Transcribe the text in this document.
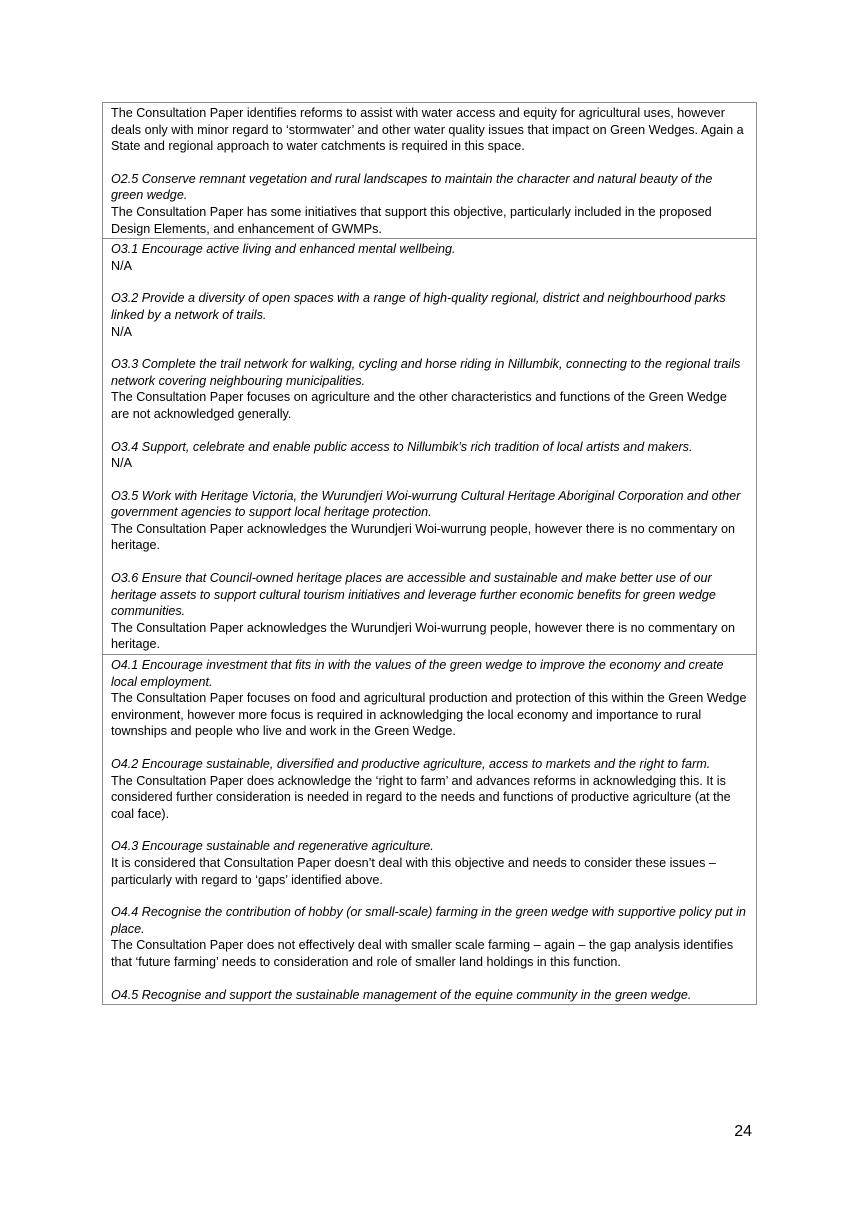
The Consultation Paper identifies reforms to assist with water access and equity for agricultural uses, however deals only with minor regard to ‘stormwater’ and other water quality issues that impact on Green Wedges. Again a State and regional approach to water catchments is required in this space.
O2.5 Conserve remnant vegetation and rural landscapes to maintain the character and natural beauty of the green wedge.
The Consultation Paper has some initiatives that support this objective, particularly included in the proposed Design Elements, and enhancement of GWMPs.
O3.1 Encourage active living and enhanced mental wellbeing.
N/A
O3.2 Provide a diversity of open spaces with a range of high-quality regional, district and neighbourhood parks linked by a network of trails.
N/A
O3.3 Complete the trail network for walking, cycling and horse riding in Nillumbik, connecting to the regional trails network covering neighbouring municipalities.
The Consultation Paper focuses on agriculture and the other characteristics and functions of the Green Wedge are not acknowledged generally.
O3.4 Support, celebrate and enable public access to Nillumbik’s rich tradition of local artists and makers.
N/A
O3.5 Work with Heritage Victoria, the Wurundjeri Woi-wurrung Cultural Heritage Aboriginal Corporation and other government agencies to support local heritage protection.
The Consultation Paper acknowledges the Wurundjeri Woi-wurrung people, however there is no commentary on heritage.
O3.6 Ensure that Council-owned heritage places are accessible and sustainable and make better use of our heritage assets to support cultural tourism initiatives and leverage further economic benefits for green wedge communities.
The Consultation Paper acknowledges the Wurundjeri Woi-wurrung people, however there is no commentary on heritage.
O4.1 Encourage investment that fits in with the values of the green wedge to improve the economy and create local employment.
The Consultation Paper focuses on food and agricultural production and protection of this within the Green Wedge environment, however more focus is required in acknowledging the local economy and importance to rural townships and people who live and work in the Green Wedge.
O4.2 Encourage sustainable, diversified and productive agriculture, access to markets and the right to farm.
The Consultation Paper does acknowledge the ‘right to farm’ and advances reforms in acknowledging this. It is considered further consideration is needed in regard to the needs and functions of productive agriculture (at the coal face).
O4.3 Encourage sustainable and regenerative agriculture.
It is considered that Consultation Paper doesn’t deal with this objective and needs to consider these issues – particularly with regard to ‘gaps’ identified above.
O4.4 Recognise the contribution of hobby (or small-scale) farming in the green wedge with supportive policy put in place.
The Consultation Paper does not effectively deal with smaller scale farming – again – the gap analysis identifies that ‘future farming’ needs to consideration and role of smaller land holdings in this function.
O4.5 Recognise and support the sustainable management of the equine community in the green wedge.
24
